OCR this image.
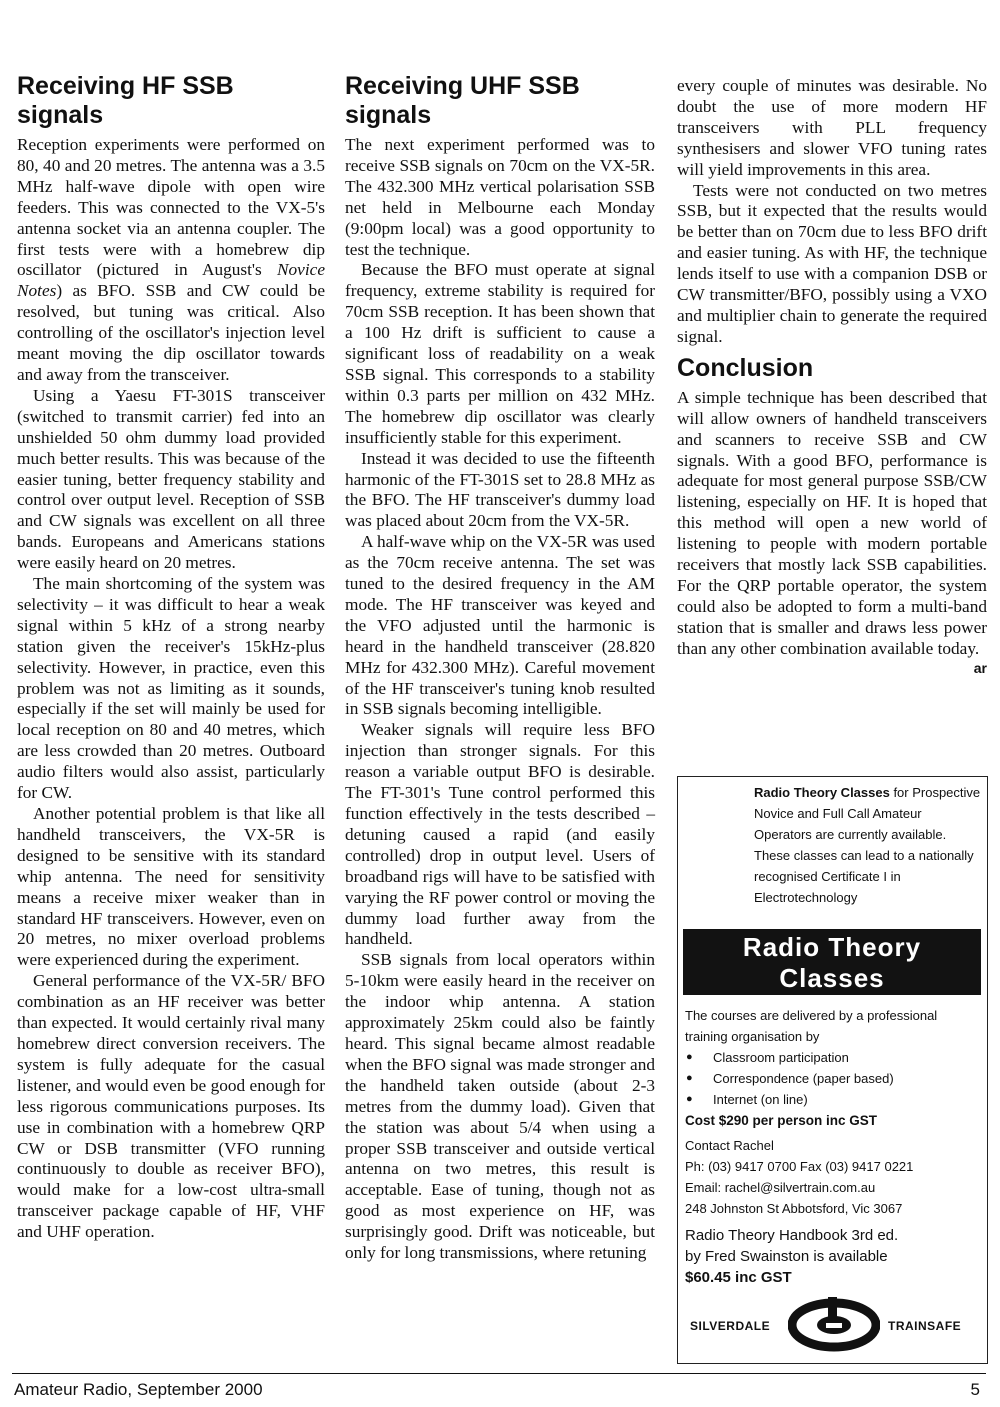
Receiving HF SSB signals

Reception experiments were performed on 80, 40 and 20 metres. The antenna was a 3.5 MHz half-wave dipole with open wire feeders. This was connected to the VX-5's antenna socket via an antenna coupler. The first tests were with a homebrew dip oscillator (pictured in August's Novice Notes) as BFO. SSB and CW could be resolved, but tuning was critical. Also controlling of the oscillator's injection level meant moving the dip oscillator towards and away from the transceiver.

Using a Yaesu FT-301S transceiver (switched to transmit carrier) fed into an unshielded 50 ohm dummy load provided much better results. This was because of the easier tuning, better frequency stability and control over output level. Reception of SSB and CW signals was excellent on all three bands. Europeans and Americans stations were easily heard on 20 metres.

The main shortcoming of the system was selectivity – it was difficult to hear a weak signal within 5 kHz of a strong nearby station given the receiver's 15kHz-plus selectivity. However, in practice, even this problem was not as limiting as it sounds, especially if the set will mainly be used for local reception on 80 and 40 metres, which are less crowded than 20 metres. Outboard audio filters would also assist, particularly for CW.

Another potential problem is that like all handheld transceivers, the VX-5R is designed to be sensitive with its standard whip antenna. The need for sensitivity means a receive mixer weaker than in standard HF transceivers. However, even on 20 metres, no mixer overload problems were experienced during the experiment.

General performance of the VX-5R/ BFO combination as an HF receiver was better than expected. It would certainly rival many homebrew direct conversion receivers. The system is fully adequate for the casual listener, and would even be good enough for less rigorous communications purposes. Its use in combination with a homebrew QRP CW or DSB transmitter (VFO running continuously to double as receiver BFO), would make for a low-cost ultra-small transceiver package capable of HF, VHF and UHF operation.

Receiving UHF SSB signals

The next experiment performed was to receive SSB signals on 70cm on the VX-5R. The 432.300 MHz vertical polarisation SSB net held in Melbourne each Monday (9:00pm local) was a good opportunity to test the technique.

Because the BFO must operate at signal frequency, extreme stability is required for 70cm SSB reception. It has been shown that a 100 Hz drift is sufficient to cause a significant loss of readability on a weak SSB signal. This corresponds to a stability within 0.3 parts per million on 432 MHz. The homebrew dip oscillator was clearly insufficiently stable for this experiment.

Instead it was decided to use the fifteenth harmonic of the FT-301S set to 28.8 MHz as the BFO. The HF transceiver's dummy load was placed about 20cm from the VX-5R.

A half-wave whip on the VX-5R was used as the 70cm receive antenna. The set was tuned to the desired frequency in the AM mode. The HF transceiver was keyed and the VFO adjusted until the harmonic is heard in the handheld transceiver (28.820 MHz for 432.300 MHz). Careful movement of the HF transceiver's tuning knob resulted in SSB signals becoming intelligible.

Weaker signals will require less BFO injection than stronger signals. For this reason a variable output BFO is desirable. The FT-301's Tune control performed this function effectively in the tests described – detuning caused a rapid (and easily controlled) drop in output level. Users of broadband rigs will have to be satisfied with varying the RF power control or moving the dummy load further away from the handheld.

SSB signals from local operators within 5-10km were easily heard in the receiver on the indoor whip antenna. A station approximately 25km could also be faintly heard. This signal became almost readable when the BFO signal was made stronger and the handheld taken outside (about 2-3 metres from the dummy load). Given that the station was about 5/4 when using a proper SSB transceiver and outside vertical antenna on two metres, this result is acceptable. Ease of tuning, though not as good as most experience on HF, was surprisingly good. Drift was noticeable, but only for long transmissions, where retuning

every couple of minutes was desirable. No doubt the use of more modern HF transceivers with PLL frequency synthesisers and slower VFO tuning rates will yield improvements in this area.

Tests were not conducted on two metres SSB, but it expected that the results would be better than on 70cm due to less BFO drift and easier tuning. As with HF, the technique lends itself to use with a companion DSB or CW transmitter/BFO, possibly using a VXO and multiplier chain to generate the required signal.

Conclusion

A simple technique has been described that will allow owners of handheld transceivers and scanners to receive SSB and CW signals. With a good BFO, performance is adequate for most general purpose SSB/CW listening, especially on HF. It is hoped that this method will open a new world of listening to people with modern portable receivers that mostly lack SSB capabilities. For the QRP portable operator, the system could also be adopted to form a multi-band station that is smaller and draws less power than any other combination available today.

ar

Radio Theory Classes for Prospective Novice and Full Call Amateur Operators are currently available.

These classes can lead to a nationally recognised Certificate I in Electrotechnology

Radio Theory
Classes

The courses are delivered by a professional training organisation by

● Classroom participation
● Correspondence (paper based)
● Internet (on line)

Cost $290 per person inc GST

Contact Rachel

Ph: (03) 9417 0700 Fax (03) 9417 0221

Email: rachel@silvertrain.com.au

248 Johnston St Abbotsford, Vic 3067

Radio Theory Handbook 3rd ed.

by Fred Swainston is available

$60.45 inc GST

SILVERDALE	TRAINSAFE
Amateur Radio, September 2000	5
